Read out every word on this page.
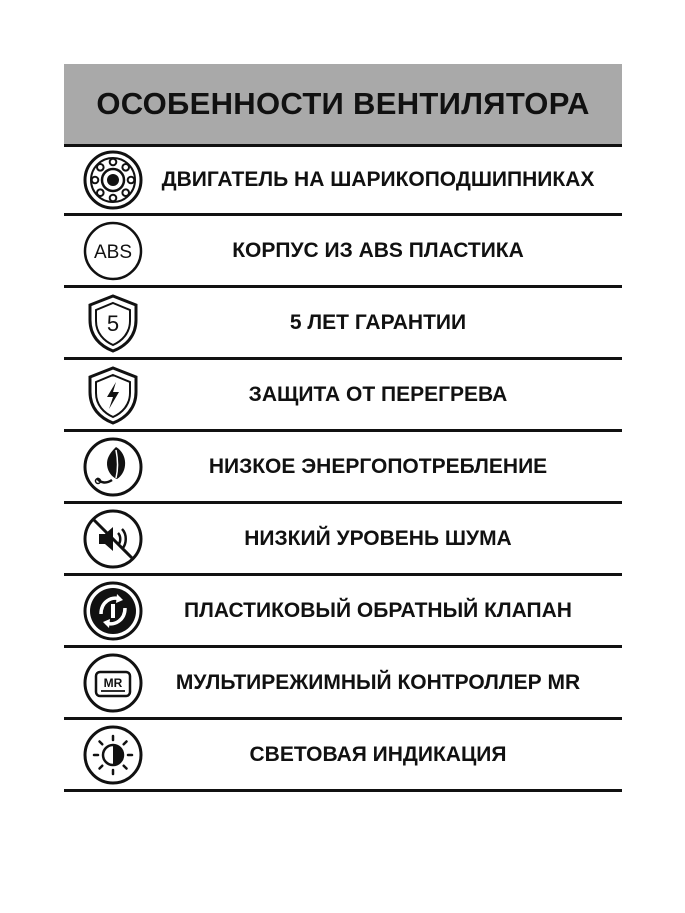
ОСОБЕННОСТИ ВЕНТИЛЯТОРА
ДВИГАТЕЛЬ НА ШАРИКОПОДШИПНИКАХ
ABS	КОРПУС ИЗ ABS ПЛАСТИКА
5	5 ЛЕТ ГАРАНТИИ
ЗАЩИТА ОТ ПЕРЕГРЕВА
НИЗКОЕ ЭНЕРГОПОТРЕБЛЕНИЕ
НИЗКИЙ УРОВЕНЬ ШУМА
ПЛАСТИКОВЫЙ ОБРАТНЫЙ КЛАПАН
MR	МУЛЬТИРЕЖИМНЫЙ КОНТРОЛЛЕР MR
СВЕТОВАЯ ИНДИКАЦИЯ
